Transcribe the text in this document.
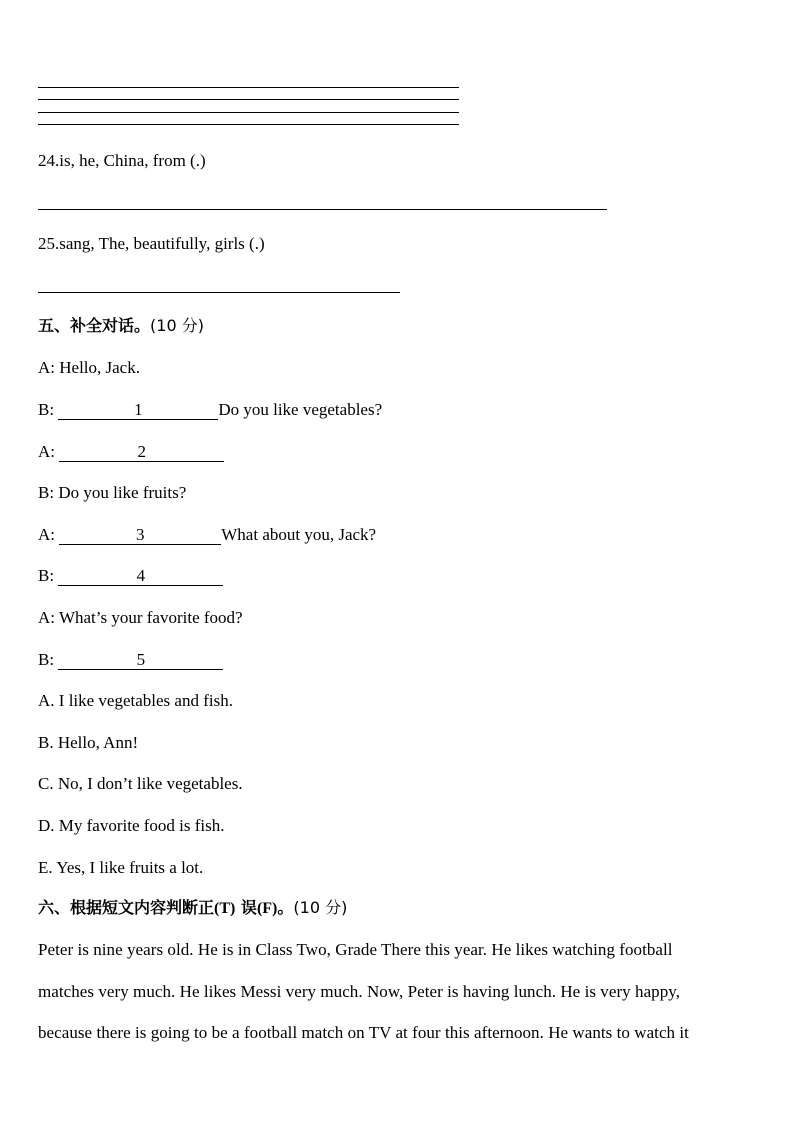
24.is, he, China, from (.)
25.sang, The, beautifully, girls (.)
五、补全对话。(10 分)
A: Hello, Jack.
B:	1	Do you like vegetables?
A:	2
B: Do you like fruits?
A:	3	What about you, Jack?
B:	4
A: What’s your favorite food?
B:	5
A. I like vegetables and fish.
B. Hello, Ann!
C. No, I don’t like vegetables.
D. My favorite food is fish.
E. Yes, I like fruits a lot.
六、根据短文内容判断正(T) 误(F)。(10 分)
Peter is nine years old. He is in Class Two, Grade There this year. He likes watching football
matches very much. He likes Messi very much. Now, Peter is having lunch. He is very happy,
because there is going to be a football match on TV at four this afternoon. He wants to watch it
